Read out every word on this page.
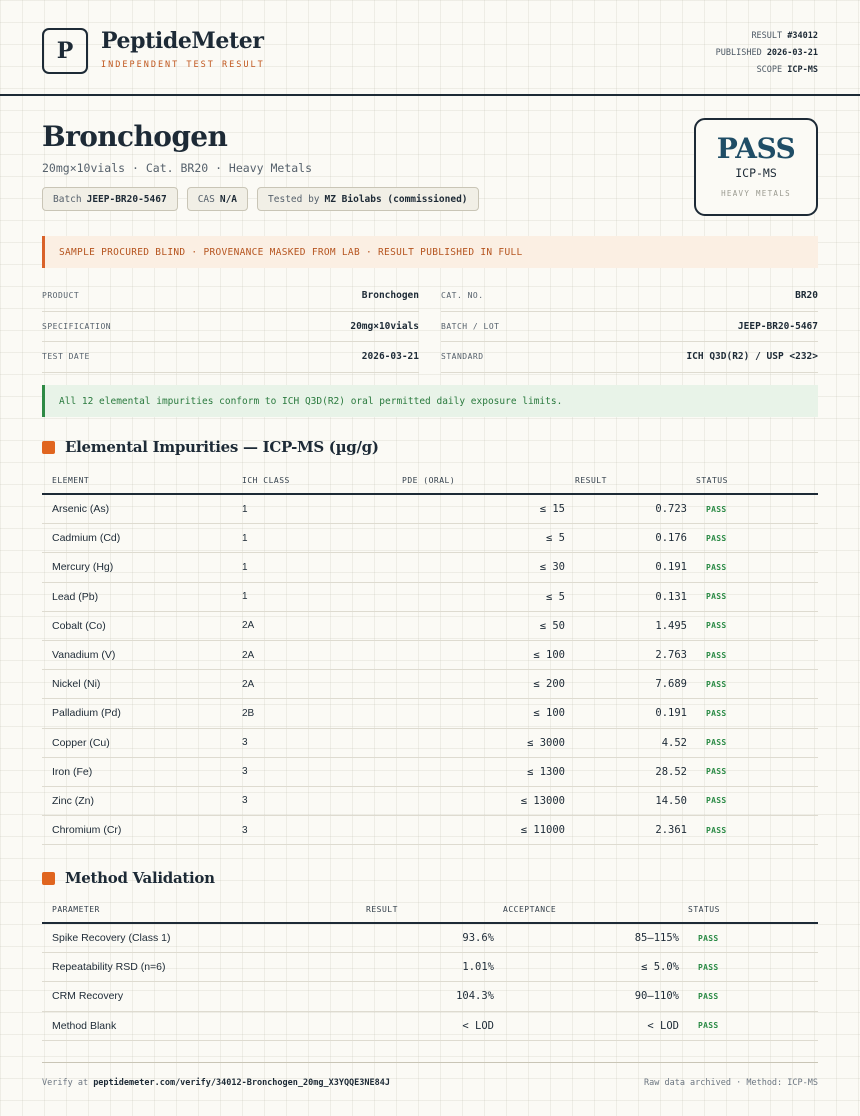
P	PeptideMeter
INDEPENDENT TEST RESULT
RESULT #34012
PUBLISHED 2026-03-21
SCOPE ICP-MS
Bronchogen
20mg×10vials · Cat. BR20 · Heavy Metals
Batch JEEP-BR20-5467	CAS N/A	Tested by MZ Biolabs (commissioned)
PASS
ICP-MS
HEAVY METALS
SAMPLE PROCURED BLIND · PROVENANCE MASKED FROM LAB · RESULT PUBLISHED IN FULL
PRODUCT	Bronchogen	CAT. NO.	BR20
SPECIFICATION	20mg×10vials	BATCH / LOT	JEEP-BR20-5467
TEST DATE	2026-03-21	STANDARD	ICH Q3D(R2) / USP <232>
All 12 elemental impurities conform to ICH Q3D(R2) oral permitted daily exposure limits.
Elemental Impurities — ICP-MS (µg/g)
ELEMENT	ICH CLASS	PDE (ORAL)	RESULT	STATUS
Arsenic (As)	1	≤ 15	0.723	PASS
Cadmium (Cd)	1	≤ 5	0.176	PASS
Mercury (Hg)	1	≤ 30	0.191	PASS
Lead (Pb)	1	≤ 5	0.131	PASS
Cobalt (Co)	2A	≤ 50	1.495	PASS
Vanadium (V)	2A	≤ 100	2.763	PASS
Nickel (Ni)	2A	≤ 200	7.689	PASS
Palladium (Pd)	2B	≤ 100	0.191	PASS
Copper (Cu)	3	≤ 3000	4.52	PASS
Iron (Fe)	3	≤ 1300	28.52	PASS
Zinc (Zn)	3	≤ 13000	14.50	PASS
Chromium (Cr)	3	≤ 11000	2.361	PASS
Method Validation
PARAMETER	RESULT	ACCEPTANCE	STATUS
Spike Recovery (Class 1)	93.6%	85–115%	PASS
Repeatability RSD (n=6)	1.01%	≤ 5.0%	PASS
CRM Recovery	104.3%	90–110%	PASS
Method Blank	< LOD	< LOD	PASS
Verify at peptidemeter.com/verify/34012-Bronchogen_20mg_X3YQQE3NE84J	Raw data archived · Method: ICP-MS
